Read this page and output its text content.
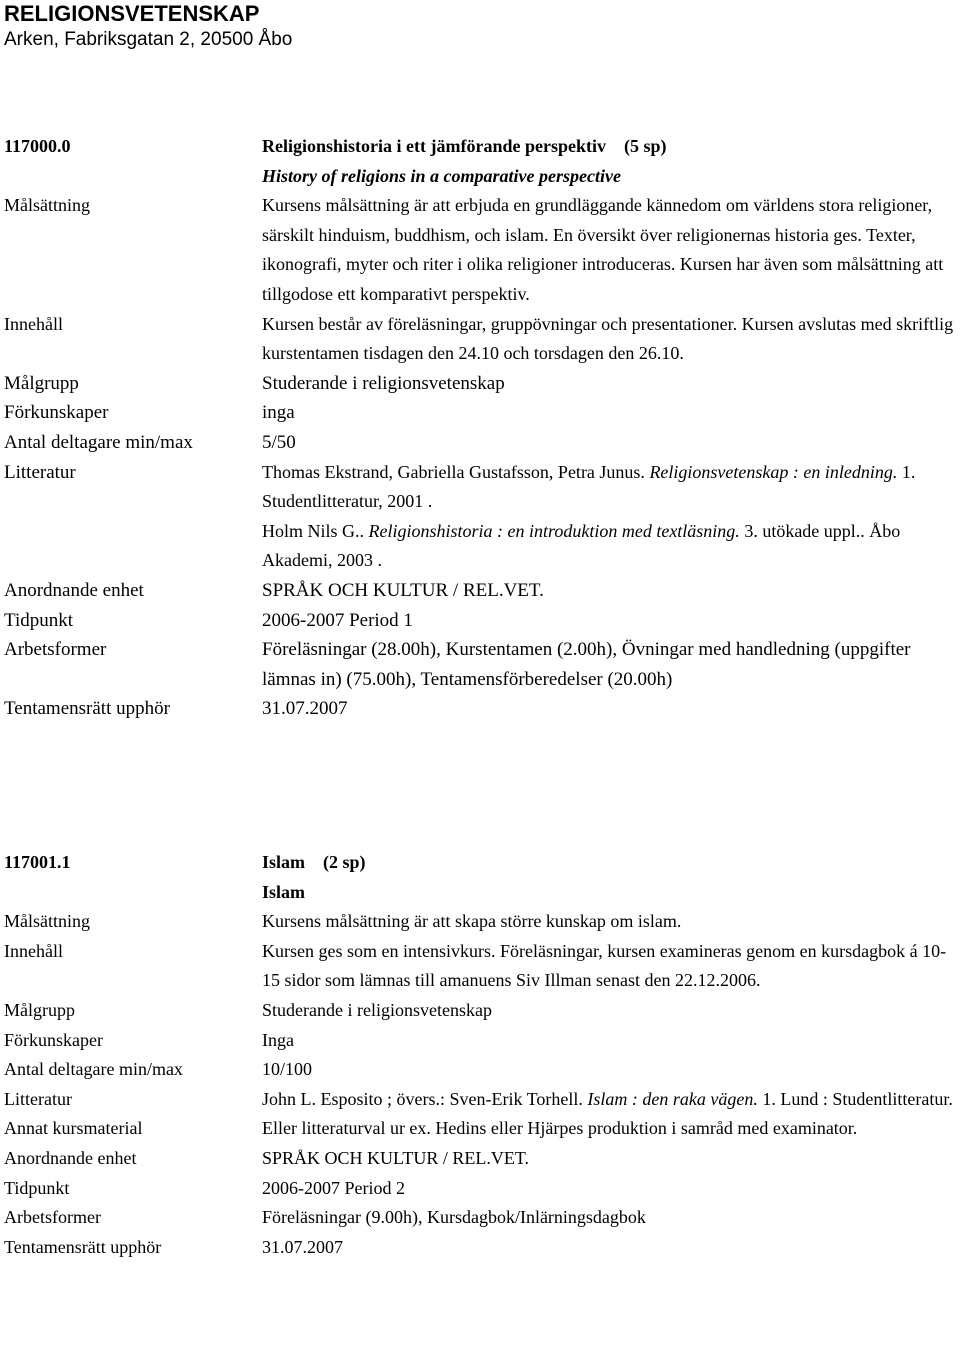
RELIGIONSVETENSKAP
Arken, Fabriksgatan 2, 20500 Åbo
117000.0	Religionshistoria i ett jämförande perspektiv (5 sp)
History of religions in a comparative perspective
Målsättning	Kursens målsättning är att erbjuda en grundläggande kännedom om världens stora religioner, särskilt hinduism, buddhism, och islam. En översikt över religionernas historia ges. Texter, ikonografi, myter och riter i olika religioner introduceras. Kursen har även som målsättning att tillgodose ett komparativt perspektiv.
Innehåll	Kursen består av föreläsningar, gruppövningar och presentationer. Kursen avslutas med skriftlig kurstentamen tisdagen den 24.10 och torsdagen den 26.10.
Målgrupp	Studerande i religionsvetenskap
Förkunskaper	inga
Antal deltagare min/max	5/50
Litteratur	Thomas Ekstrand, Gabriella Gustafsson, Petra Junus. Religionsvetenskap : en inledning. 1. Studentlitteratur, 2001 .
Holm Nils G.. Religionshistoria : en introduktion med textläsning. 3. utökade uppl.. Åbo Akademi, 2003 .
Anordnande enhet	SPRÅK OCH KULTUR / REL.VET.
Tidpunkt	2006-2007 Period 1
Arbetsformer	Föreläsningar (28.00h), Kurstentamen (2.00h), Övningar med handledning (uppgifter lämnas in) (75.00h), Tentamensförberedelser (20.00h)
Tentamensrätt upphör	31.07.2007
117001.1	Islam (2 sp)
Islam
Målsättning	Kursens målsättning är att skapa större kunskap om islam.
Innehåll	Kursen ges som en intensivkurs. Föreläsningar, kursen examineras genom en kursdagbok á 10-15 sidor som lämnas till amanuens Siv Illman senast den 22.12.2006.
Målgrupp	Studerande i religionsvetenskap
Förkunskaper	Inga
Antal deltagare min/max	10/100
Litteratur	John L. Esposito ; övers.: Sven-Erik Torhell. Islam : den raka vägen. 1. Lund : Studentlitteratur.
Annat kursmaterial	Eller litteraturval ur ex. Hedins eller Hjärpes produktion i samråd med examinator.
Anordnande enhet	SPRÅK OCH KULTUR / REL.VET.
Tidpunkt	2006-2007 Period 2
Arbetsformer	Föreläsningar (9.00h), Kursdagbok/Inlärningsdagbok
Tentamensrätt upphör	31.07.2007
